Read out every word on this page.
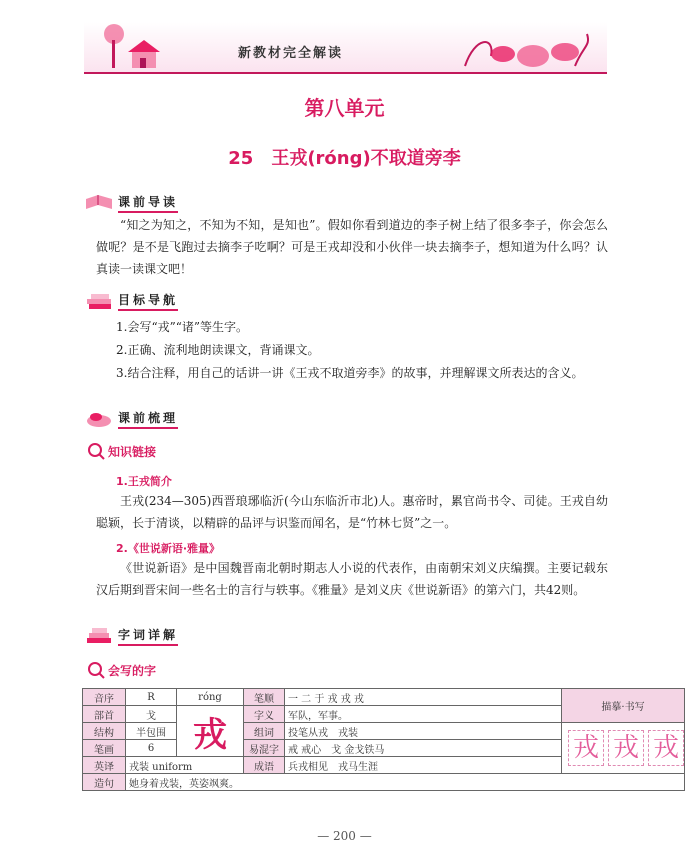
新教材完全解读
第八单元
25 王戎(róng)不取道旁李
课前导读
“知之为知之，不知为不知，是知也”。假如你看到道边的李子树上结了很多李子，你会怎么做呢？是不是飞跑过去摘李子吃啊？可是王戎却没和小伙伴一块去摘李子，想知道为什么吗？认真读一读课文吧！
目标导航
1.会写“戎”“诸”等生字。
2.正确、流利地朗读课文，背诵课文。
3.结合注释，用自己的话讲一讲《王戎不取道旁李》的故事，并理解课文所表达的含义。
课前梳理
知识链接
1.王戎简介
王戎(234—305)西晋琅琊临沂(今山东临沂市北)人。惠帝时，累官尚书令、司徒。王戎自幼聪颖，长于清谈，以精辟的品评与识鉴而闻名，是“竹林七贤”之一。
2.《世说新语·雅量》
《世说新语》是中国魏晋南北朝时期志人小说的代表作，由南朝宋刘义庆编撰。主要记载东汉后期到晋宋间一些名士的言行与轶事。《雅量》是刘义庆《世说新语》的第六门，共42则。
字词详解
会写的字
音序	R	róng	笔顺	一 二 于 戎 戎 戎	描摹·书写
部首	戈	戎	字义	军队，军事。	
结构	半包围		组词	投笔从戎　戎装	戎 戎 戎

笔画	6		易混字	戒 戒心　戈 金戈铁马	
英译	戎装 uniform		成语	兵戎相见　戎马生涯	
造句	她身着戎装，英姿飒爽。				
— 200 —
